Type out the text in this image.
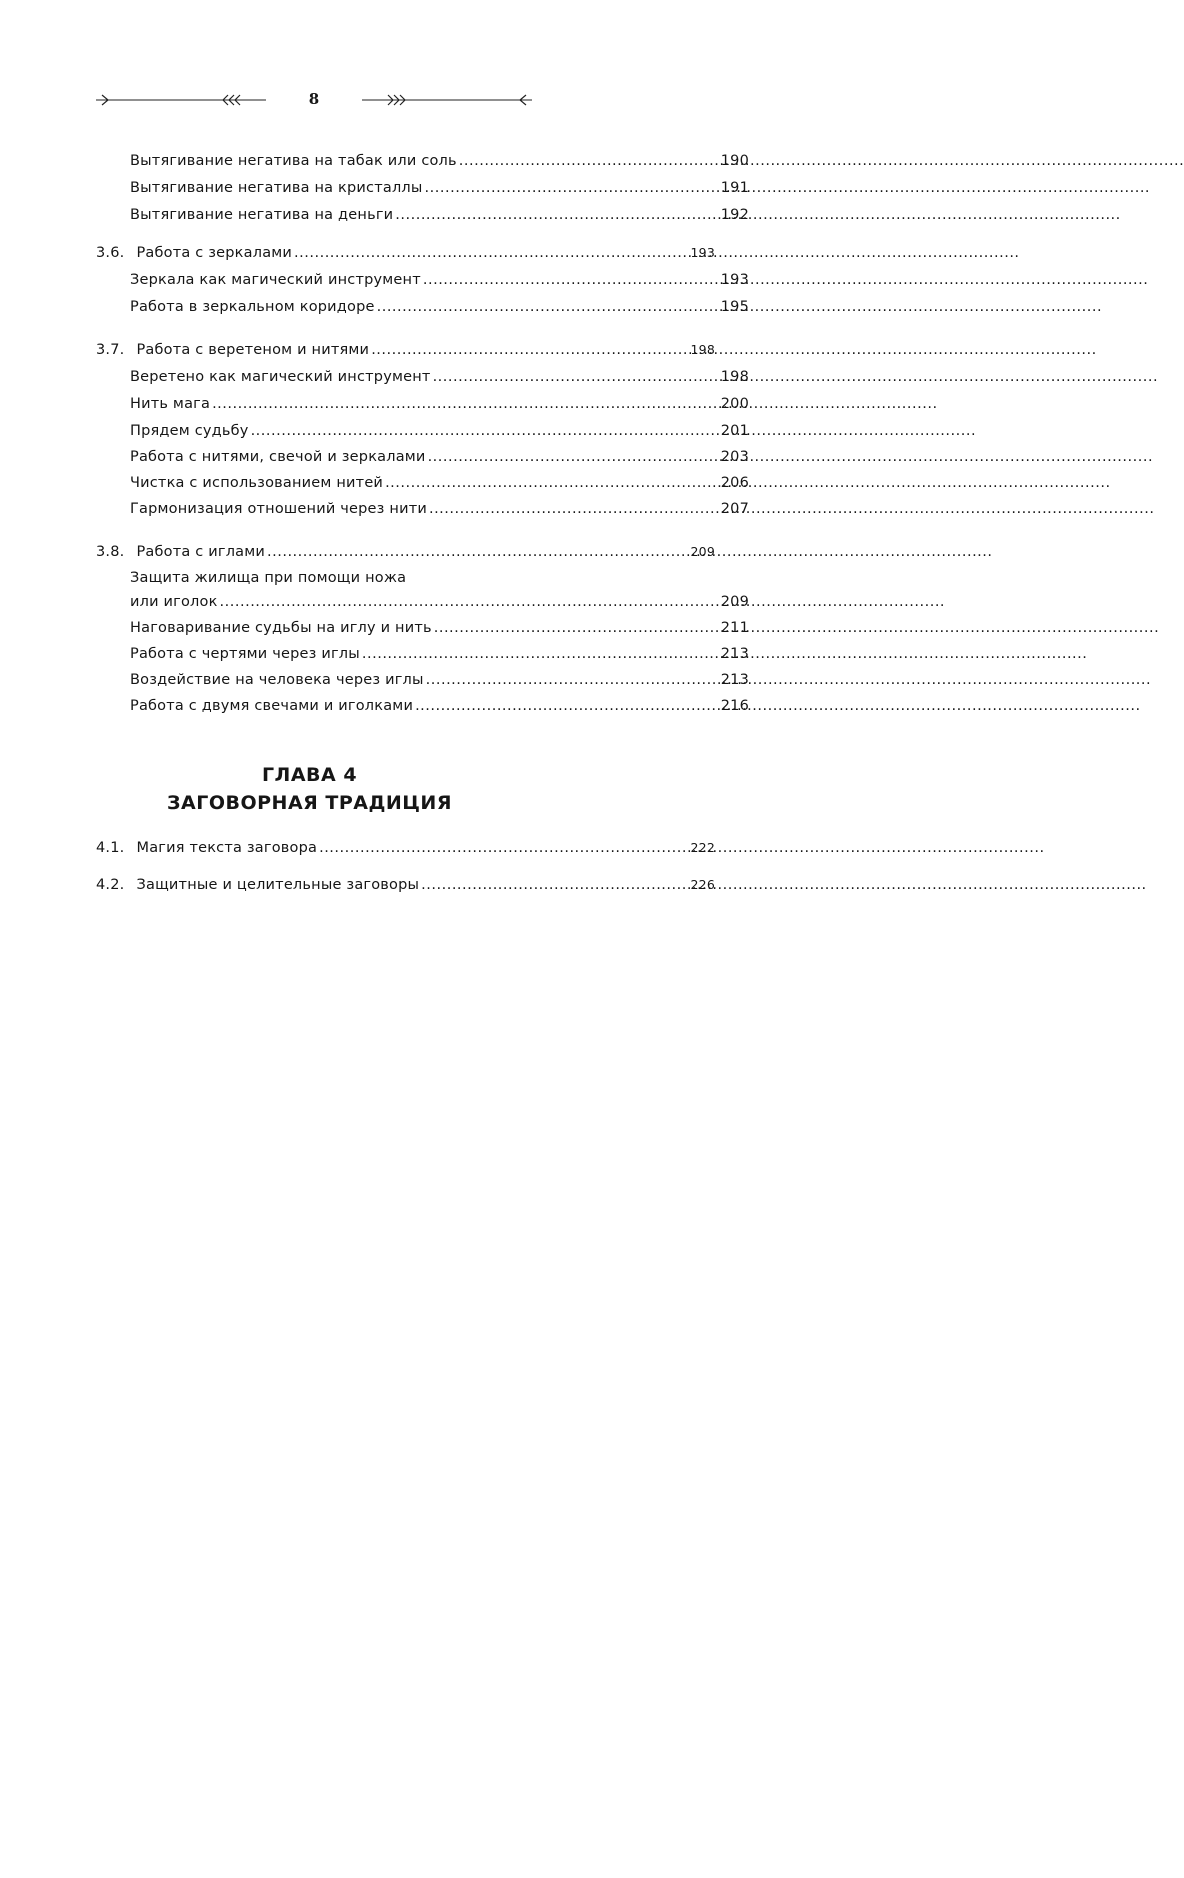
8
Вытягивание негатива на табак или соль .....	190
Вытягивание негатива на кристаллы .....	191
Вытягивание негатива на деньги .....	192
3.6. Работа с зеркалами .....	193
Зеркала как магический инструмент .....	193
Работа в зеркальном коридоре .....	195
3.7. Работа с веретеном и нитями .....	198
Веретено как магический инструмент .....	198
Нить мага .....	200
Прядем судьбу .....	201
Работа с нитями, свечой и зеркалами .....	203
Чистка с использованием нитей .....	206
Гармонизация отношений через нити .....	207
3.8. Работа с иглами .....	209
Защита жилища при помощи ножа
или иголок .....	209
Наговаривание судьбы на иглу и нить .....	211
Работа с чертями через иглы .....	213
Воздействие на человека через иглы .....	213
Работа с двумя свечами и иголками .....	216
ГЛАВА 4
ЗАГОВОРНАЯ ТРАДИЦИЯ
4.1. Магия текста заговора .....	222
4.2. Защитные и целительные заговоры .....	226
